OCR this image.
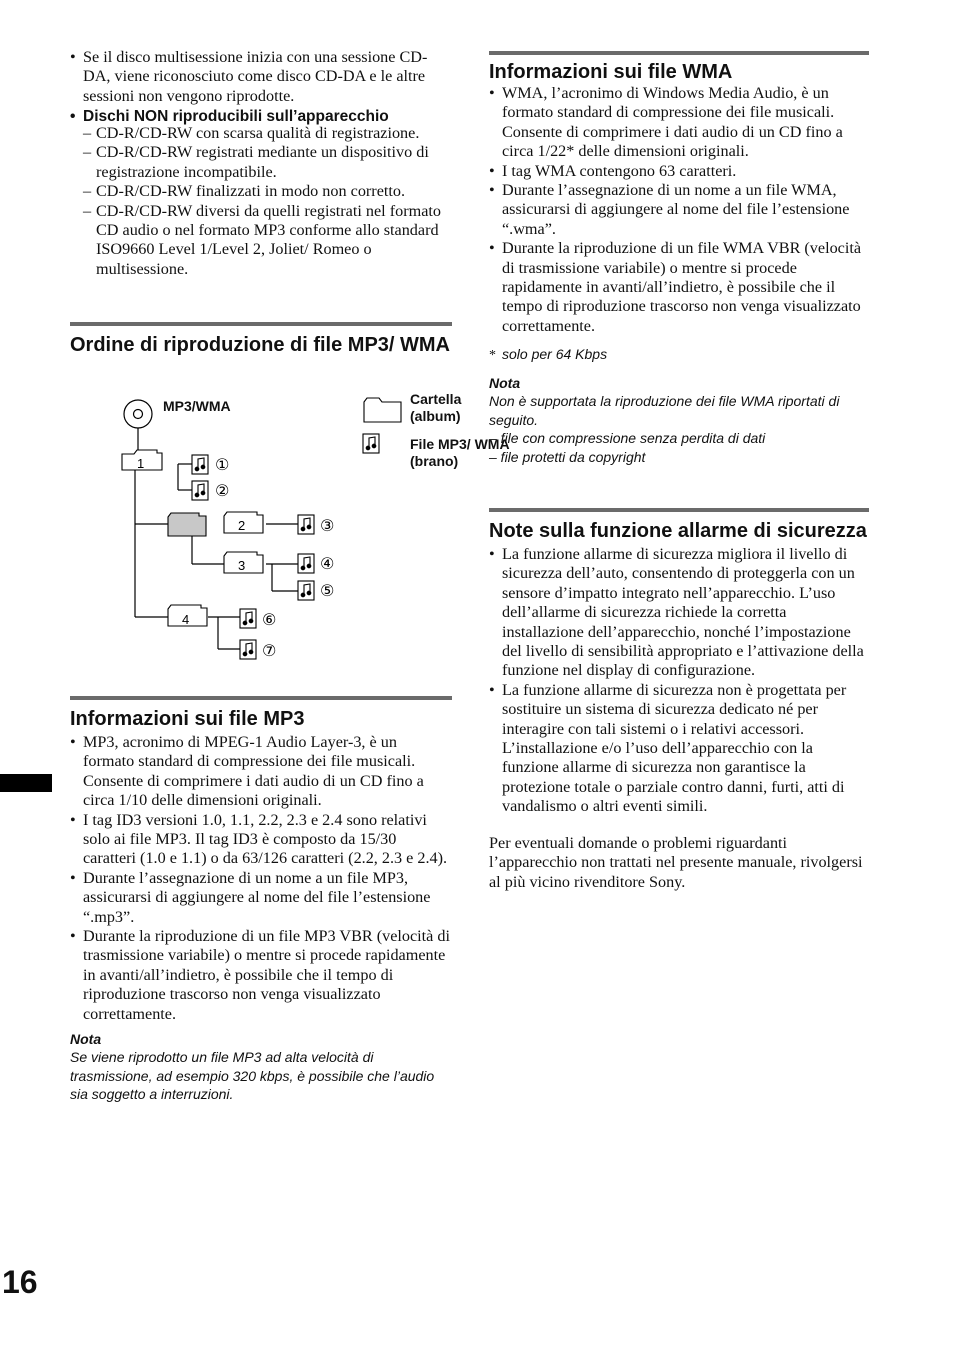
• Se il disco multisessione inizia con una sessione CD-DA, viene riconosciuto come disco CD-DA e le altre sessioni non vengono riprodotte.
• Dischi NON riproducibili sull’apparecchio
– CD-R/CD-RW con scarsa qualità di registrazione.
– CD-R/CD-RW registrati mediante un dispositivo di registrazione incompatibile.
– CD-R/CD-RW finalizzati in modo non corretto.
– CD-R/CD-RW diversi da quelli registrati nel formato CD audio o nel formato MP3 conforme allo standard ISO9660 Level 1/Level 2, Joliet/ Romeo o multisessione.
Ordine di riproduzione di file MP3/ WMA
1
2
3
4
①
②
③
④
⑤
⑥
⑦
MP3/WMA	Cartella (album)
File MP3/ WMA (brano)
Informazioni sui file MP3
• MP3, acronimo di MPEG-1 Audio Layer-3, è un formato standard di compressione dei file musicali. Consente di comprimere i dati audio di un CD fino a circa 1/10 delle dimensioni originali.
• I tag ID3 versioni 1.0, 1.1, 2.2, 2.3 e 2.4 sono relativi solo ai file MP3. Il tag ID3 è composto da 15/30 caratteri (1.0 e 1.1) o da 63/126 caratteri (2.2, 2.3 e 2.4).
• Durante l’assegnazione di un nome a un file MP3, assicurarsi di aggiungere al nome del file l’estensione “.mp3”.
• Durante la riproduzione di un file MP3 VBR (velocità di trasmissione variabile) o mentre si procede rapidamente in avanti/all’indietro, è possibile che il tempo di riproduzione trascorso non venga visualizzato correttamente.
Nota
Se viene riprodotto un file MP3 ad alta velocità di trasmissione, ad esempio 320 kbps, è possibile che l’audio sia soggetto a interruzioni.
Informazioni sui file WMA
• WMA, l’acronimo di Windows Media Audio, è un formato standard di compressione dei file musicali. Consente di comprimere i dati audio di un CD fino a circa 1/22* delle dimensioni originali.
• I tag WMA contengono 63 caratteri.
• Durante l’assegnazione di un nome a un file WMA, assicurarsi di aggiungere al nome del file l’estensione “.wma”.
• Durante la riproduzione di un file WMA VBR (velocità di trasmissione variabile) o mentre si procede rapidamente in avanti/all’indietro, è possibile che il tempo di riproduzione trascorso non venga visualizzato correttamente.
* solo per 64 Kbps
Nota
Non è supportata la riproduzione dei file WMA riportati di seguito.
– file con compressione senza perdita di dati
– file protetti da copyright
Note sulla funzione allarme di sicurezza
• La funzione allarme di sicurezza migliora il livello di sicurezza dell’auto, consentendo di proteggerla con un sensore d’impatto integrato nell’apparecchio. L’uso dell’allarme di sicurezza richiede la corretta installazione dell’apparecchio, nonché l’impostazione del livello di sensibilità appropriato e l’attivazione della funzione nel display di configurazione.
• La funzione allarme di sicurezza non è progettata per sostituire un sistema di sicurezza dedicato né per interagire con tali sistemi o i relativi accessori. L’installazione e/o l’uso dell’apparecchio con la funzione allarme di sicurezza non garantisce la protezione totale o parziale contro danni, furti, atti di vandalismo o altri eventi simili.

Per eventuali domande o problemi riguardanti l’apparecchio non trattati nel presente manuale, rivolgersi al più vicino rivenditore Sony.

16
